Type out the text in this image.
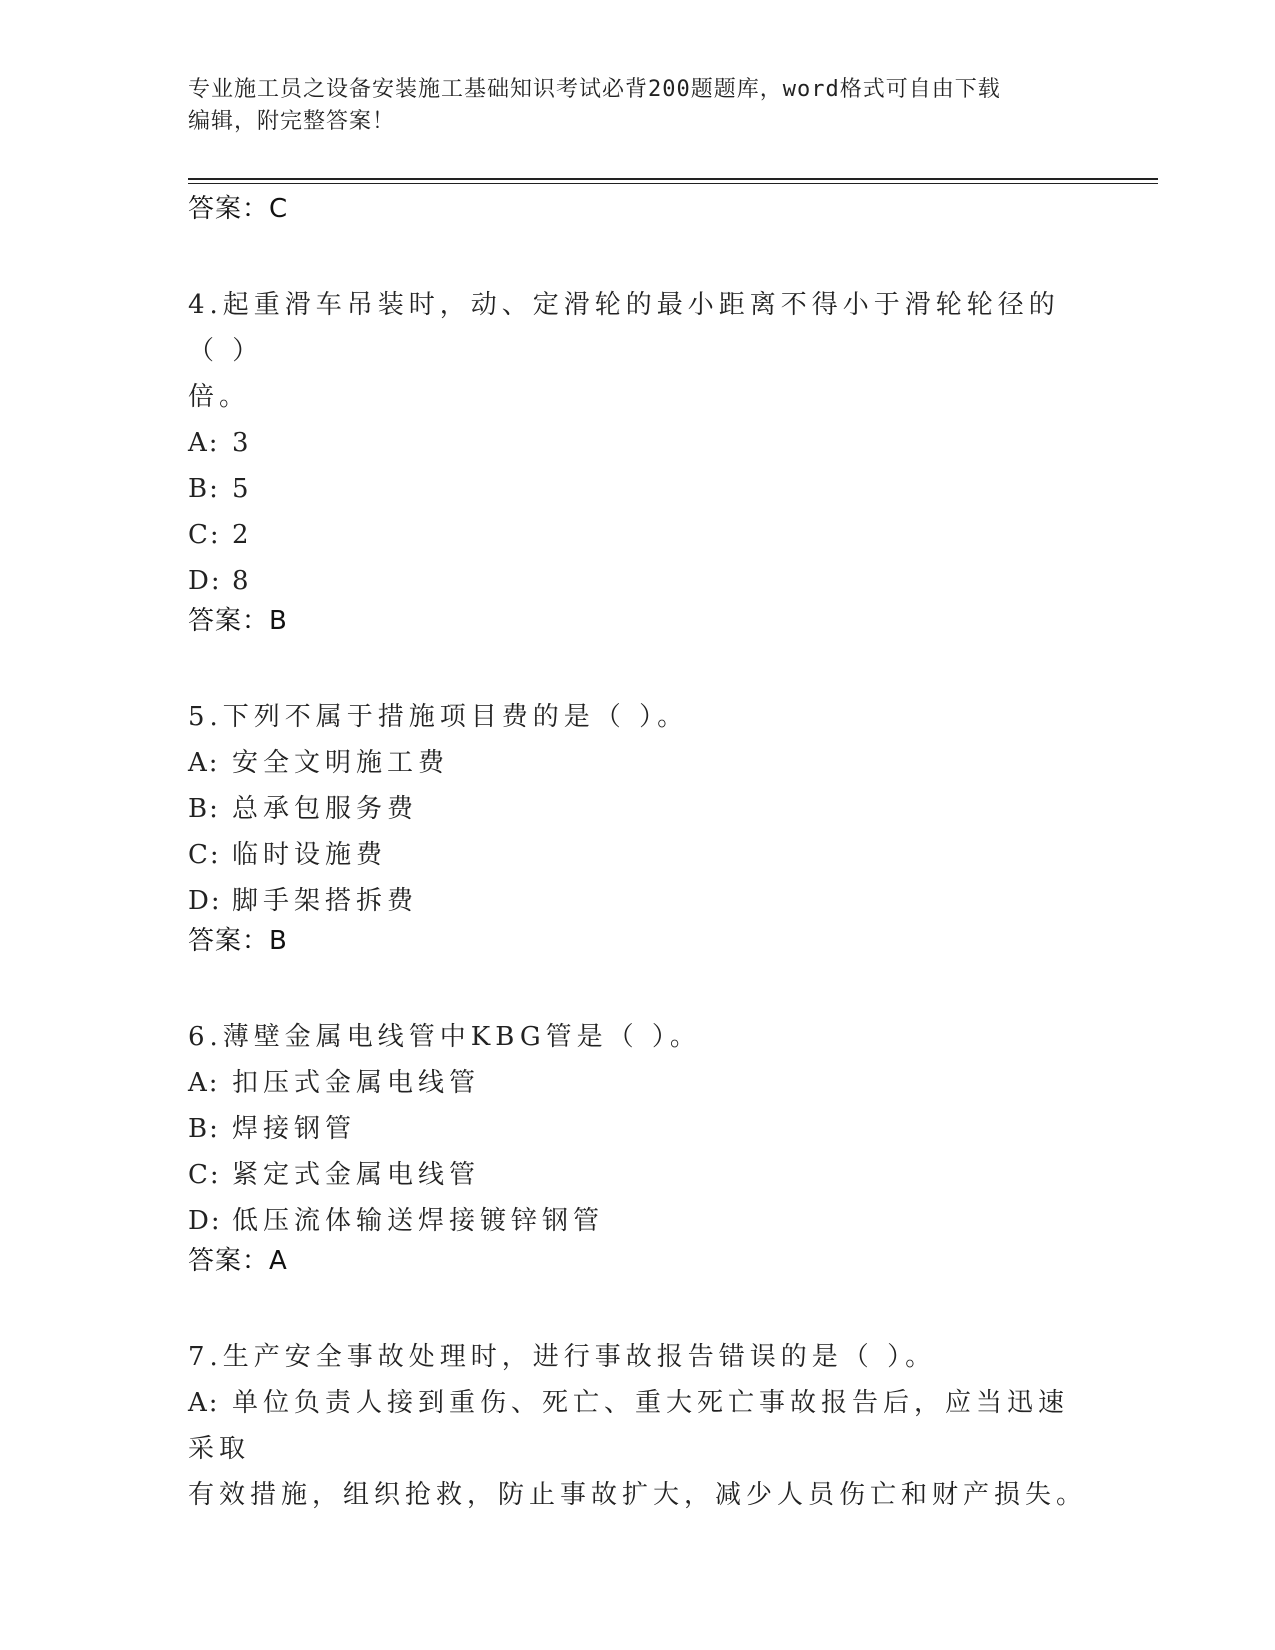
专业施工员之设备安装施工基础知识考试必背200题题库，word格式可自由下载
编辑，附完整答案！
答案：C
4.起重滑车吊装时，动、定滑轮的最小距离不得小于滑轮轮径的（ ）
倍。
A: 3
B: 5
C: 2
D: 8
答案：B
5.下列不属于措施项目费的是（ ）。
A: 安全文明施工费
B: 总承包服务费
C: 临时设施费
D: 脚手架搭拆费
答案：B
6.薄壁金属电线管中KBG管是（ ）。
A: 扣压式金属电线管
B: 焊接钢管
C: 紧定式金属电线管
D: 低压流体输送焊接镀锌钢管
答案：A
7.生产安全事故处理时，进行事故报告错误的是（ ）。
A: 单位负责人接到重伤、死亡、重大死亡事故报告后，应当迅速采取
有效措施，组织抢救，防止事故扩大，减少人员伤亡和财产损失。
